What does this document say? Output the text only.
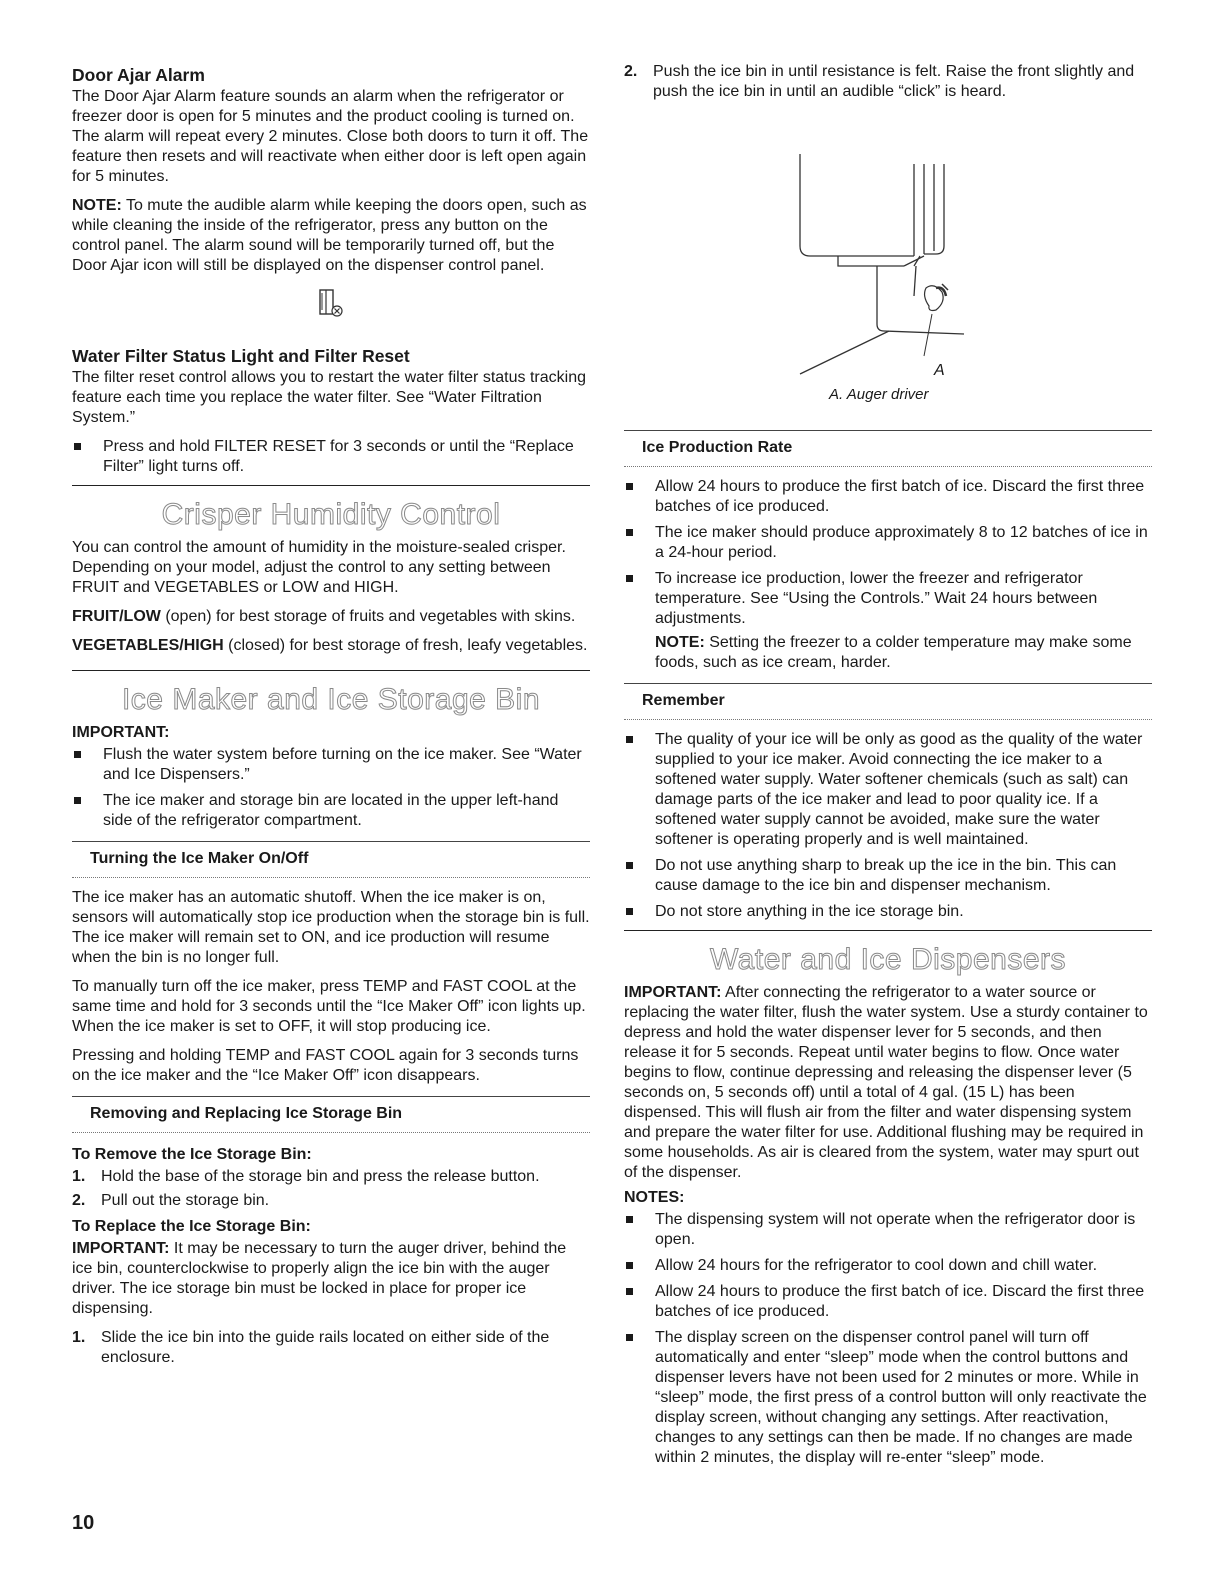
Door Ajar Alarm

The Door Ajar Alarm feature sounds an alarm when the refrigerator or freezer door is open for 5 minutes and the product cooling is turned on. The alarm will repeat every 2 minutes. Close both doors to turn it off. The feature then resets and will reactivate when either door is left open again for 5 minutes.

NOTE: To mute the audible alarm while keeping the doors open, such as while cleaning the inside of the refrigerator, press any button on the control panel. The alarm sound will be temporarily turned off, but the Door Ajar icon will still be displayed on the dispenser control panel.

Water Filter Status Light and Filter Reset

The filter reset control allows you to restart the water filter status tracking feature each time you replace the water filter. See “Water Filtration System.”

Press and hold FILTER RESET for 3 seconds or until the “Replace Filter” light turns off.
Crisper Humidity Control

You can control the amount of humidity in the moisture-sealed crisper. Depending on your model, adjust the control to any setting between FRUIT and VEGETABLES or LOW and HIGH.

FRUIT/LOW (open) for best storage of fruits and vegetables with skins.

VEGETABLES/HIGH (closed) for best storage of fresh, leafy vegetables.

Ice Maker and Ice Storage Bin
IMPORTANT:
Flush the water system before turning on the ice maker. See “Water and Ice Dispensers.”
The ice maker and storage bin are located in the upper left-hand side of the refrigerator compartment.
Turning the Ice Maker On/Off

The ice maker has an automatic shutoff. When the ice maker is on, sensors will automatically stop ice production when the storage bin is full. The ice maker will remain set to ON, and ice production will resume when the bin is no longer full.

To manually turn off the ice maker, press TEMP and FAST COOL at the same time and hold for 3 seconds until the “Ice Maker Off” icon lights up. When the ice maker is set to OFF, it will stop producing ice.

Pressing and holding TEMP and FAST COOL again for 3 seconds turns on the ice maker and the “Ice Maker Off” icon disappears.

Removing and Replacing Ice Storage Bin
To Remove the Ice Storage Bin:
1. Hold the base of the storage bin and press the release button.
2. Pull out the storage bin.
To Replace the Ice Storage Bin:

IMPORTANT: It may be necessary to turn the auger driver, behind the ice bin, counterclockwise to properly align the ice bin with the auger driver. The ice storage bin must be locked in place for proper ice dispensing.

1. Slide the ice bin into the guide rails located on either side of the enclosure.
2. Push the ice bin in until resistance is felt. Raise the front slightly and push the ice bin in until an audible “click” is heard.
A
A. Auger driver
Ice Production Rate
Allow 24 hours to produce the first batch of ice. Discard the first three batches of ice produced.
The ice maker should produce approximately 8 to 12 batches of ice in a 24-hour period.
To increase ice production, lower the freezer and refrigerator temperature. See “Using the Controls.” Wait 24 hours between adjustments.
NOTE: Setting the freezer to a colder temperature may make some foods, such as ice cream, harder.
Remember
The quality of your ice will be only as good as the quality of the water supplied to your ice maker. Avoid connecting the ice maker to a softened water supply. Water softener chemicals (such as salt) can damage parts of the ice maker and lead to poor quality ice. If a softened water supply cannot be avoided, make sure the water softener is operating properly and is well maintained.
Do not use anything sharp to break up the ice in the bin. This can cause damage to the ice bin and dispenser mechanism.
Do not store anything in the ice storage bin.
Water and Ice Dispensers

IMPORTANT: After connecting the refrigerator to a water source or replacing the water filter, flush the water system. Use a sturdy container to depress and hold the water dispenser lever for 5 seconds, and then release it for 5 seconds. Repeat until water begins to flow. Once water begins to flow, continue depressing and releasing the dispenser lever (5 seconds on, 5 seconds off) until a total of 4 gal. (15 L) has been dispensed. This will flush air from the filter and water dispensing system and prepare the water filter for use. Additional flushing may be required in some households. As air is cleared from the system, water may spurt out of the dispenser.

NOTES:
The dispensing system will not operate when the refrigerator door is open.
Allow 24 hours for the refrigerator to cool down and chill water.
Allow 24 hours to produce the first batch of ice. Discard the first three batches of ice produced.
The display screen on the dispenser control panel will turn off automatically and enter “sleep” mode when the control buttons and dispenser levers have not been used for 2 minutes or more. While in “sleep” mode, the first press of a control button will only reactivate the display screen, without changing any settings. After reactivation, changes to any settings can then be made. If no changes are made within 2 minutes, the display will re-enter “sleep” mode.
10
